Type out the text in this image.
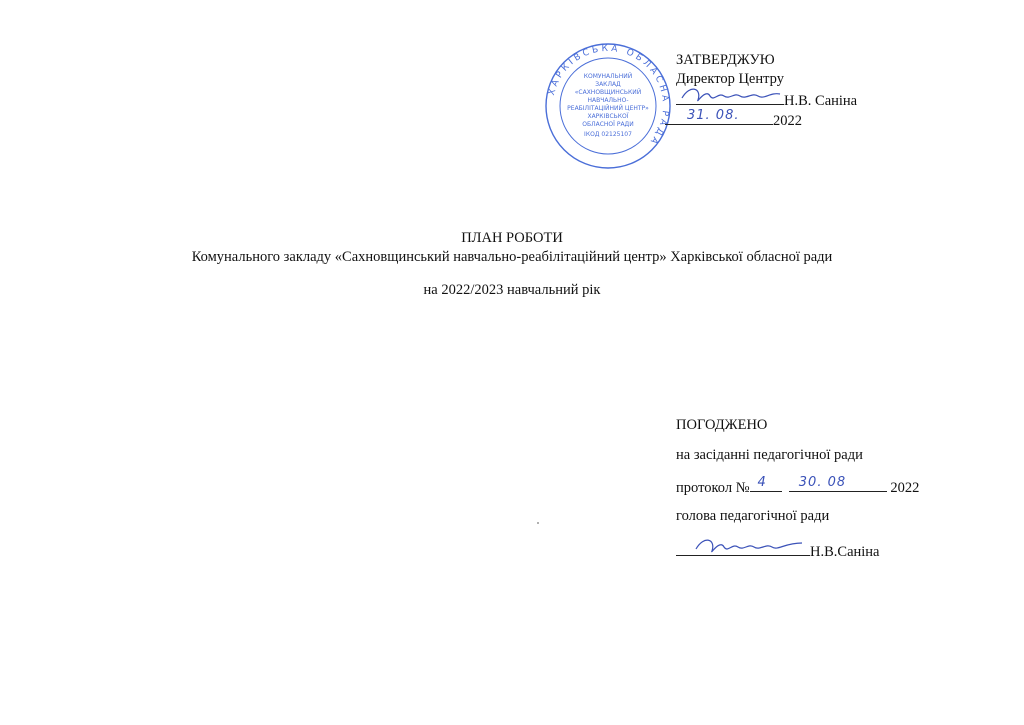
ХАРКІВСЬКА ОБЛАСНА РАДА
КОМУНАЛЬНИЙ
ЗАКЛАД
«САХНОВЩИНСЬКИЙ
НАВЧАЛЬНО-
РЕАБІЛІТАЦІЙНИЙ ЦЕНТР»
ХАРКІВСЬКОЇ
ОБЛАСНОЇ РАДИ
ІКОД 02125107
ЗАТВЕРДЖУЮ
Директор Центру
Н.В. Саніна
31. 08. 2022
ПЛАН РОБОТИ
Комунального закладу «Сахновщинський навчально-реабілітаційний центр» Харківської обласної ради
на 2022/2023 навчальний рік
ПОГОДЖЕНО
на засіданні педагогічної ради
протокол № 4
30. 08	2022
голова педагогічної ради
Н.В.Саніна
